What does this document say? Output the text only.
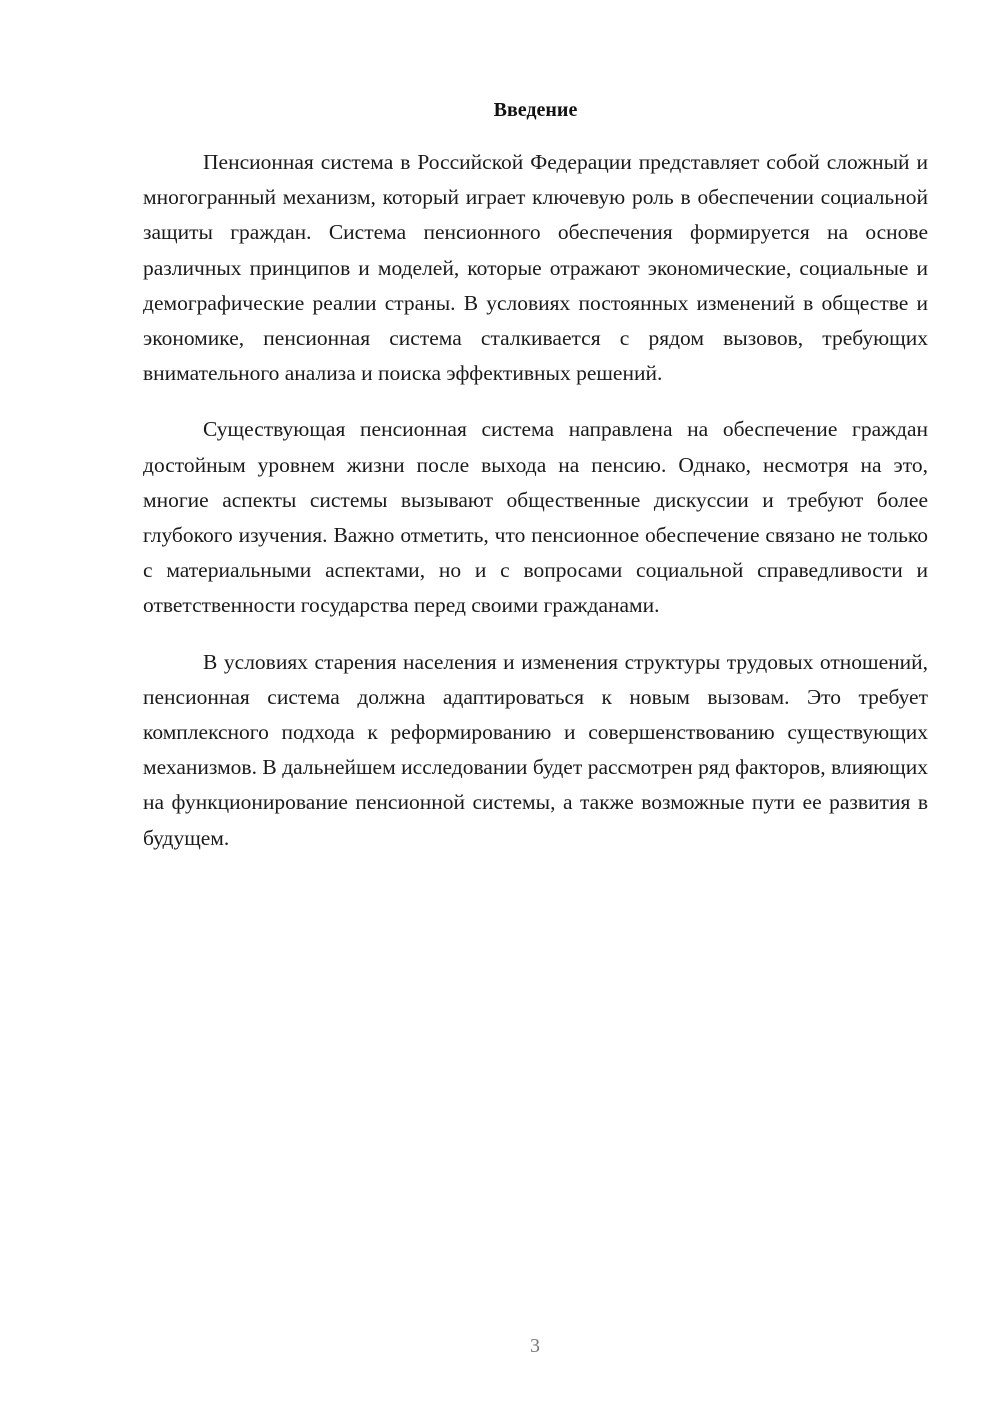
Введение

Пенсионная система в Российской Федерации представляет собой сложный и многогранный механизм, который играет ключевую роль в обеспечении социальной защиты граждан. Система пенсионного обеспечения формируется на основе различных принципов и моделей, которые отражают экономические, социальные и демографические реалии страны. В условиях постоянных изменений в обществе и экономике, пенсионная система сталкивается с рядом вызовов, требующих внимательного анализа и поиска эффективных решений.

Существующая пенсионная система направлена на обеспечение граждан достойным уровнем жизни после выхода на пенсию. Однако, несмотря на это, многие аспекты системы вызывают общественные дискуссии и требуют более глубокого изучения. Важно отметить, что пенсионное обеспечение связано не только с материальными аспектами, но и с вопросами социальной справедливости и ответственности государства перед своими гражданами.

В условиях старения населения и изменения структуры трудовых отношений, пенсионная система должна адаптироваться к новым вызовам. Это требует комплексного подхода к реформированию и совершенствованию существующих механизмов. В дальнейшем исследовании будет рассмотрен ряд факторов, влияющих на функционирование пенсионной системы, а также возможные пути ее развития в будущем.

3
